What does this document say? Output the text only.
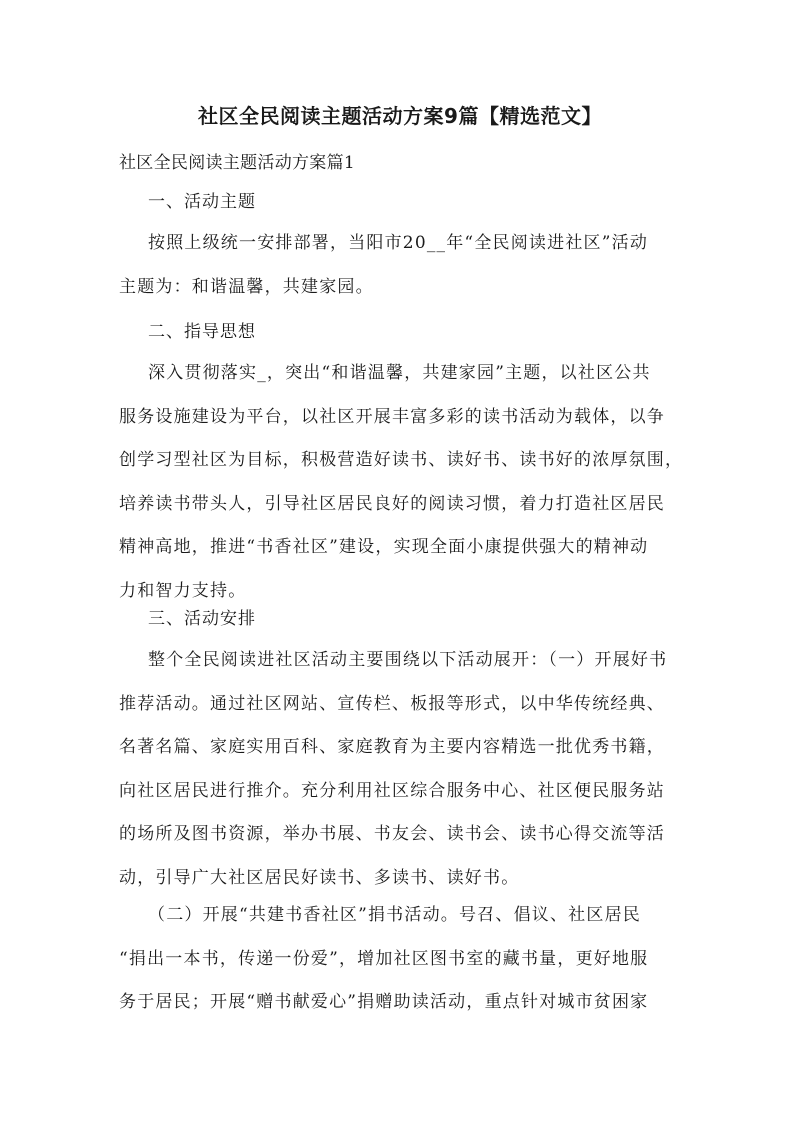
社区全民阅读主题活动方案9篇【精选范文】
社区全民阅读主题活动方案篇1
一、活动主题
按照上级统一安排部署，当阳市20__年“全民阅读进社区”活动
主题为：和谐温馨，共建家园。
二、指导思想
深入贯彻落实_，突出“和谐温馨，共建家园”主题，以社区公共
服务设施建设为平台，以社区开展丰富多彩的读书活动为载体，以争
创学习型社区为目标，积极营造好读书、读好书、读书好的浓厚氛围，
培养读书带头人，引导社区居民良好的阅读习惯，着力打造社区居民
精神高地，推进“书香社区”建设，实现全面小康提供强大的精神动
力和智力支持。
三、活动安排
整个全民阅读进社区活动主要围绕以下活动展开：（一）开展好书
推荐活动。通过社区网站、宣传栏、板报等形式，以中华传统经典、
名著名篇、家庭实用百科、家庭教育为主要内容精选一批优秀书籍，
向社区居民进行推介。充分利用社区综合服务中心、社区便民服务站
的场所及图书资源，举办书展、书友会、读书会、读书心得交流等活
动，引导广大社区居民好读书、多读书、读好书。
（二）开展“共建书香社区”捐书活动。号召、倡议、社区居民
“捐出一本书，传递一份爱”，增加社区图书室的藏书量，更好地服
务于居民；开展“赠书献爱心”捐赠助读活动，重点针对城市贫困家
